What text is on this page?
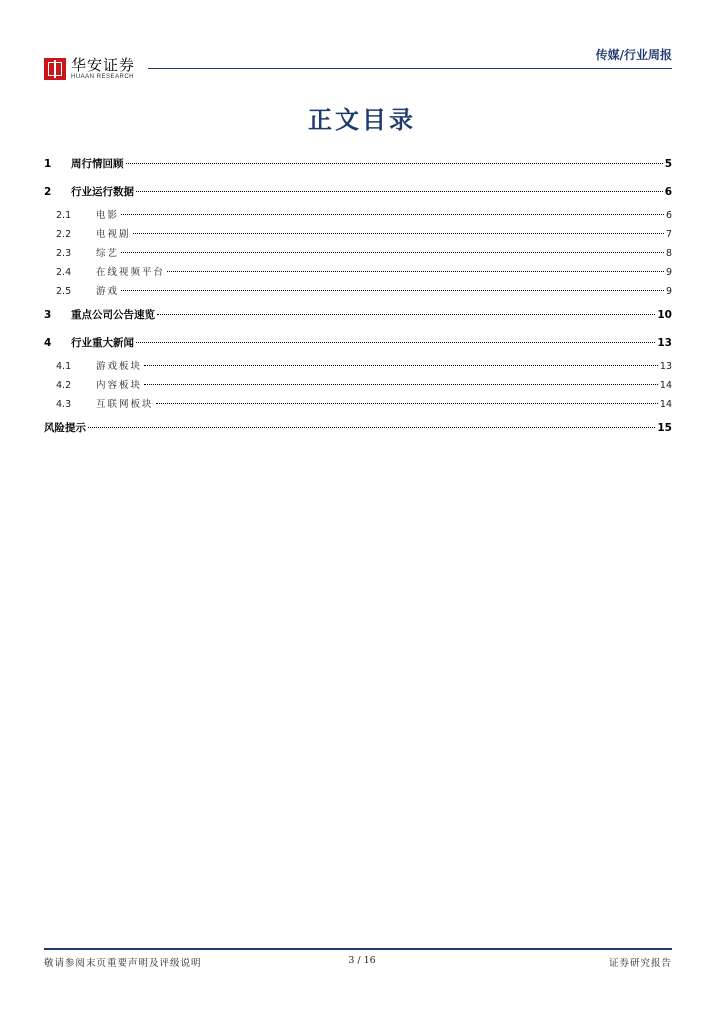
华安证券
HUAAN RESEARCH
传媒/行业周报
正文目录
1	周行情回顾	5
2	行业运行数据	6
2.1	电影	6
2.2	电视剧	7
2.3	综艺	8
2.4	在线视频平台	9
2.5	游戏	9
3	重点公司公告速览	10
4	行业重大新闻	13
4.1	游戏板块	13
4.2	内容板块	14
4.3	互联网板块	14
风险提示	15
敬请参阅末页重要声明及评级说明	3 / 16	证券研究报告
